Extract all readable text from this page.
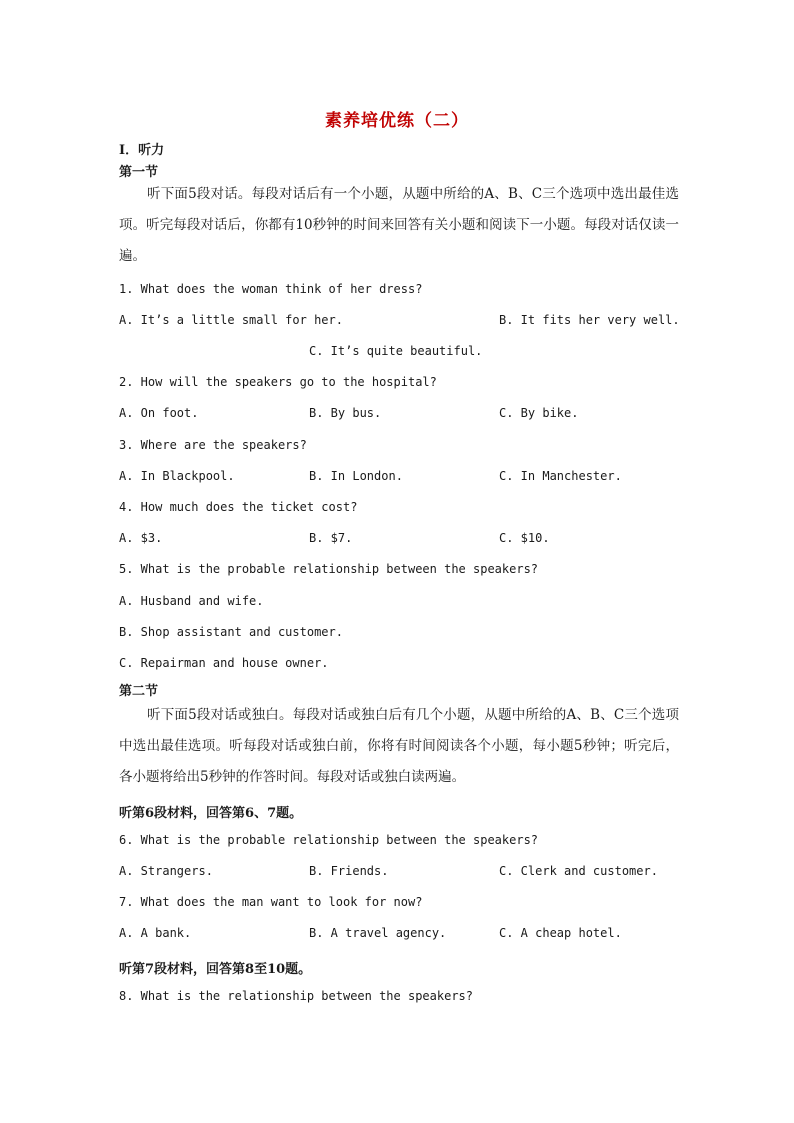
素养培优练（二）
Ⅰ．听力
第一节
听下面5段对话。每段对话后有一个小题，从题中所给的A、B、C三个选项中选出最佳选项。听完每段对话后，你都有10秒钟的时间来回答有关小题和阅读下一小题。每段对话仅读一遍。
1. What does the woman think of her dress?
A. It’s a little small for her.	B. It fits her very well.
C. It’s quite beautiful.
2. How will the speakers go to the hospital?
A. On foot.	B. By bus.	C. By bike.
3. Where are the speakers?
A. In Blackpool.	B. In London.	C. In Manchester.
4. How much does the ticket cost?
A. $3.	B. $7.	C. $10.
5. What is the probable relationship between the speakers?
A. Husband and wife.
B. Shop assistant and customer.
C. Repairman and house owner.
第二节
听下面5段对话或独白。每段对话或独白后有几个小题，从题中所给的A、B、C三个选项中选出最佳选项。听每段对话或独白前，你将有时间阅读各个小题，每小题5秒钟；听完后，各小题将给出5秒钟的作答时间。每段对话或独白读两遍。
听第6段材料，回答第6、7题。
6. What is the probable relationship between the speakers?
A. Strangers.	B. Friends.	C. Clerk and customer.
7. What does the man want to look for now?
A. A bank.	B. A travel agency.	C. A cheap hotel.
听第7段材料，回答第8至10题。
8. What is the relationship between the speakers?
